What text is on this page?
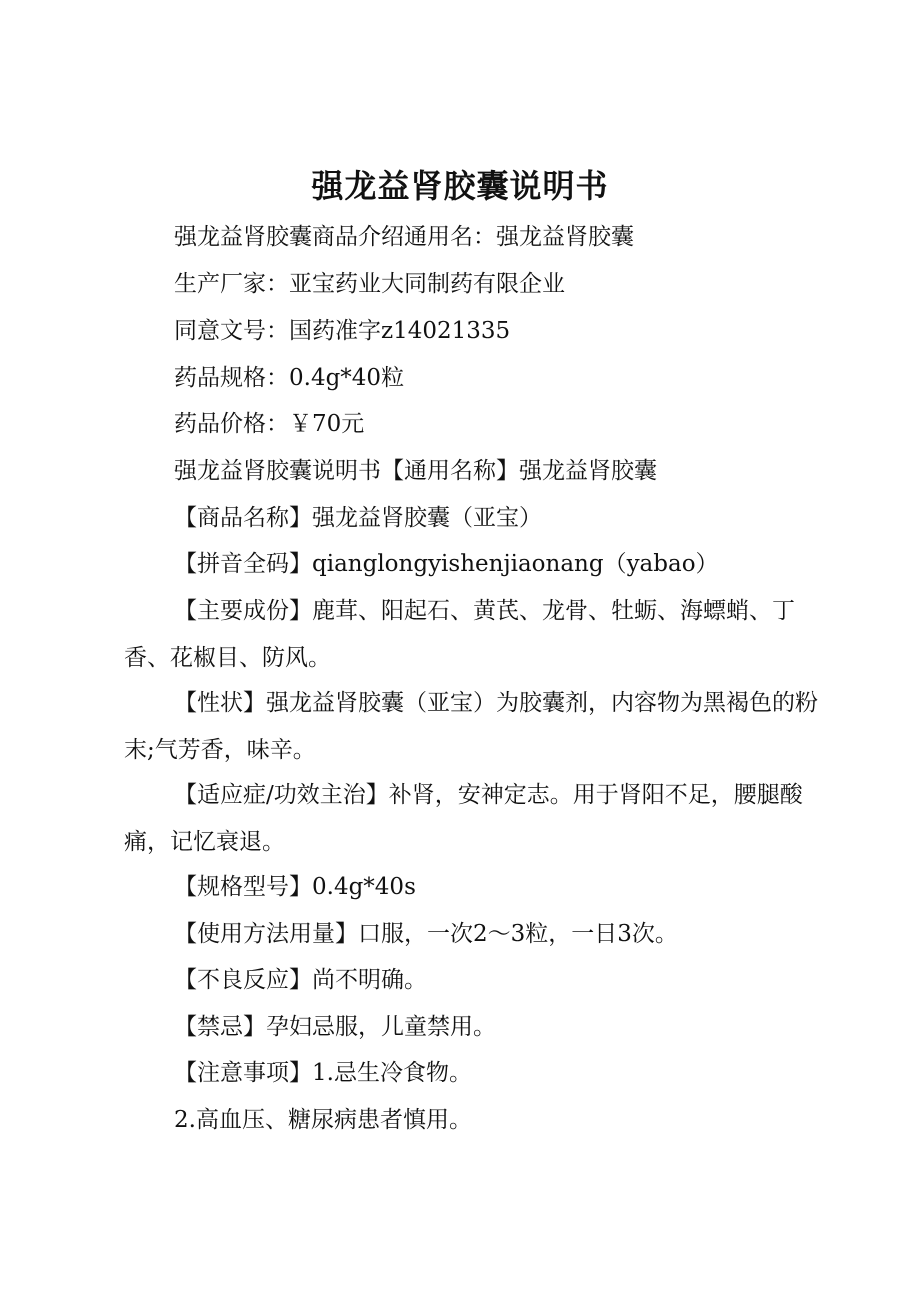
强龙益肾胶囊说明书
强龙益肾胶囊商品介绍通用名：强龙益肾胶囊
生产厂家：亚宝药业大同制药有限企业
同意文号：国药准字z14021335
药品规格：0.4g*40粒
药品价格：￥70元
强龙益肾胶囊说明书【通用名称】强龙益肾胶囊
【商品名称】强龙益肾胶囊（亚宝）
【拼音全码】qianglongyishenjiaonang（yabao）
【主要成份】鹿茸、阳起石、黄芪、龙骨、牡蛎、海螵蛸、丁香、花椒目、防风。
【性状】强龙益肾胶囊（亚宝）为胶囊剂，内容物为黑褐色的粉末;气芳香，味辛。
【适应症/功效主治】补肾，安神定志。用于肾阳不足，腰腿酸痛，记忆衰退。
【规格型号】0.4g*40s
【使用方法用量】口服，一次2～3粒，一日3次。
【不良反应】尚不明确。
【禁忌】孕妇忌服，儿童禁用。
【注意事项】1.忌生冷食物。
2.高血压、糖尿病患者慎用。
